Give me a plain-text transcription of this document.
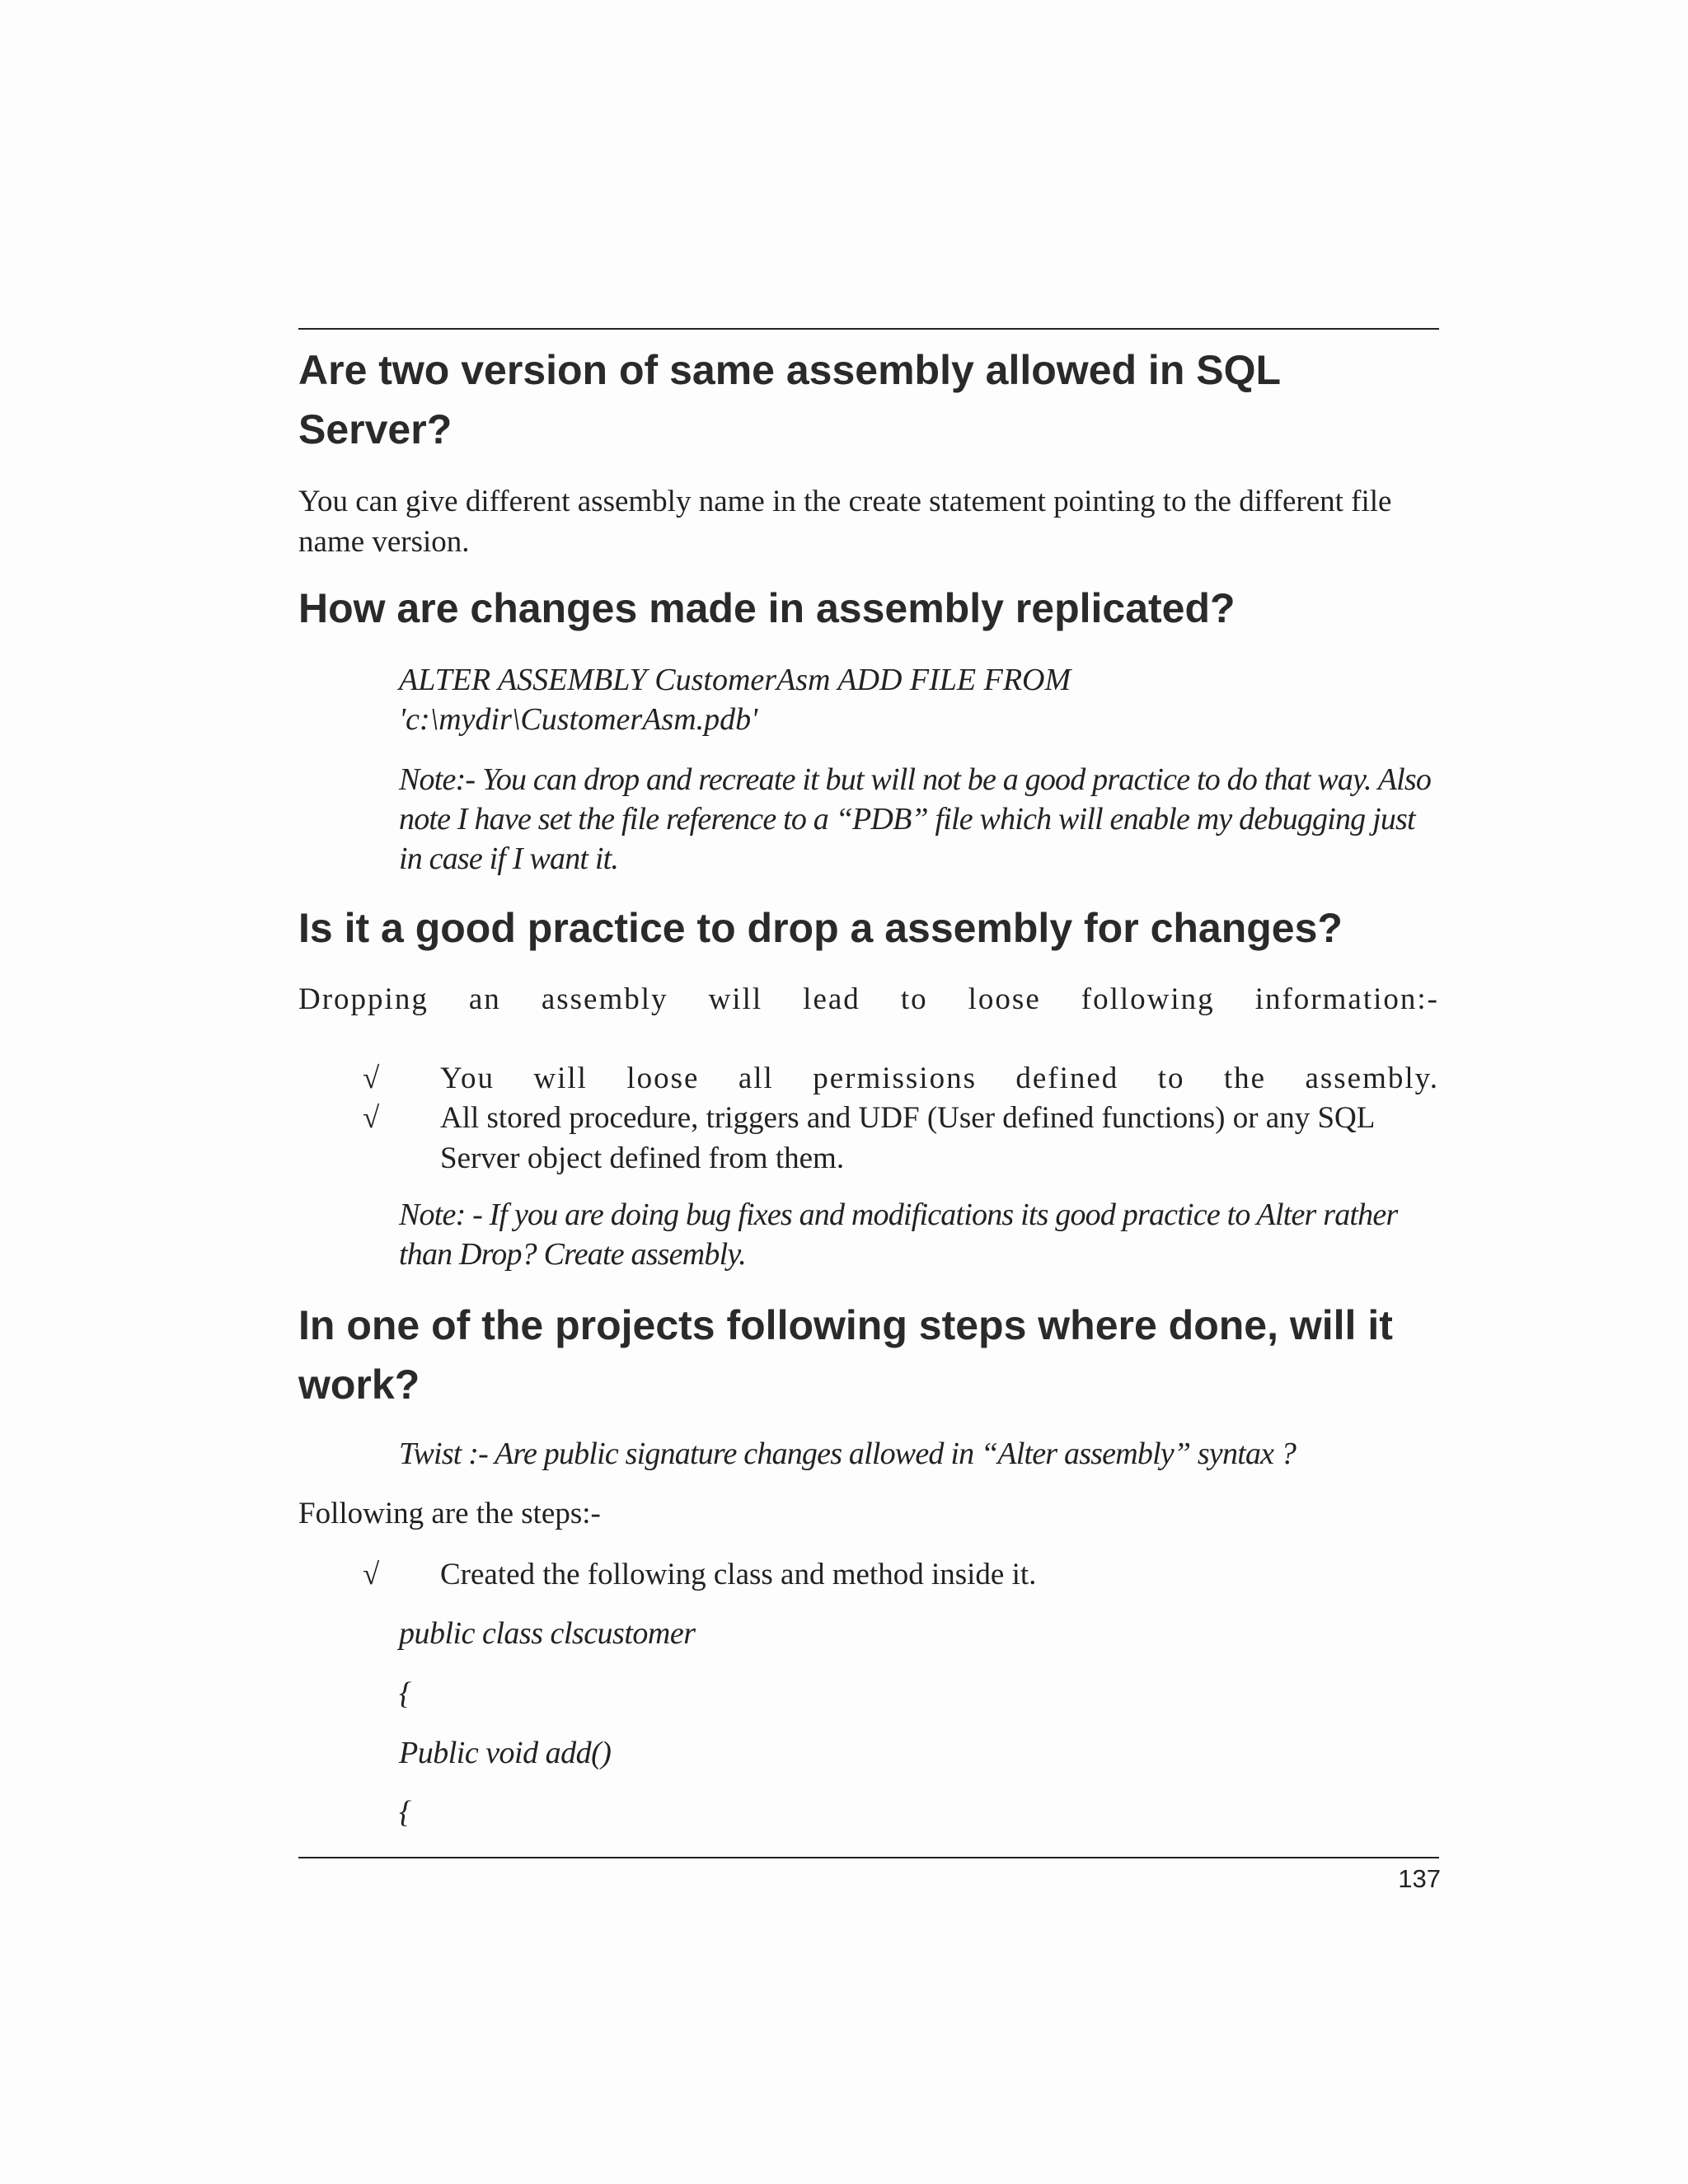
Are two version of same assembly allowed in SQL
Server?

You can give different assembly name in the create statement pointing to the different file name version.

How are changes made in assembly replicated?
ALTER ASSEMBLY CustomerAsm ADD FILE FROM
'c:\mydir\CustomerAsm.pdb'

Note:- You can drop and recreate it but will not be a good practice to do that way. Also note I have set the file reference to a “PDB” file which will enable my debugging just in case if I want it.

Is it a good practice to drop a assembly for changes?

Dropping an assembly will lead to loose following information:-

√	You will loose all permissions defined to the assembly.
√	All stored procedure, triggers and UDF (User defined functions) or any SQL Server object defined from them.

Note: - If you are doing bug fixes and modifications its good practice to Alter rather than Drop? Create assembly.

In one of the projects following steps where done, will it
work?

Twist :- Are public signature changes allowed in “Alter assembly” syntax ?

Following are the steps:-

√	Created the following class and method inside it.
public class clscustomer
{
Public void add()
{
137
